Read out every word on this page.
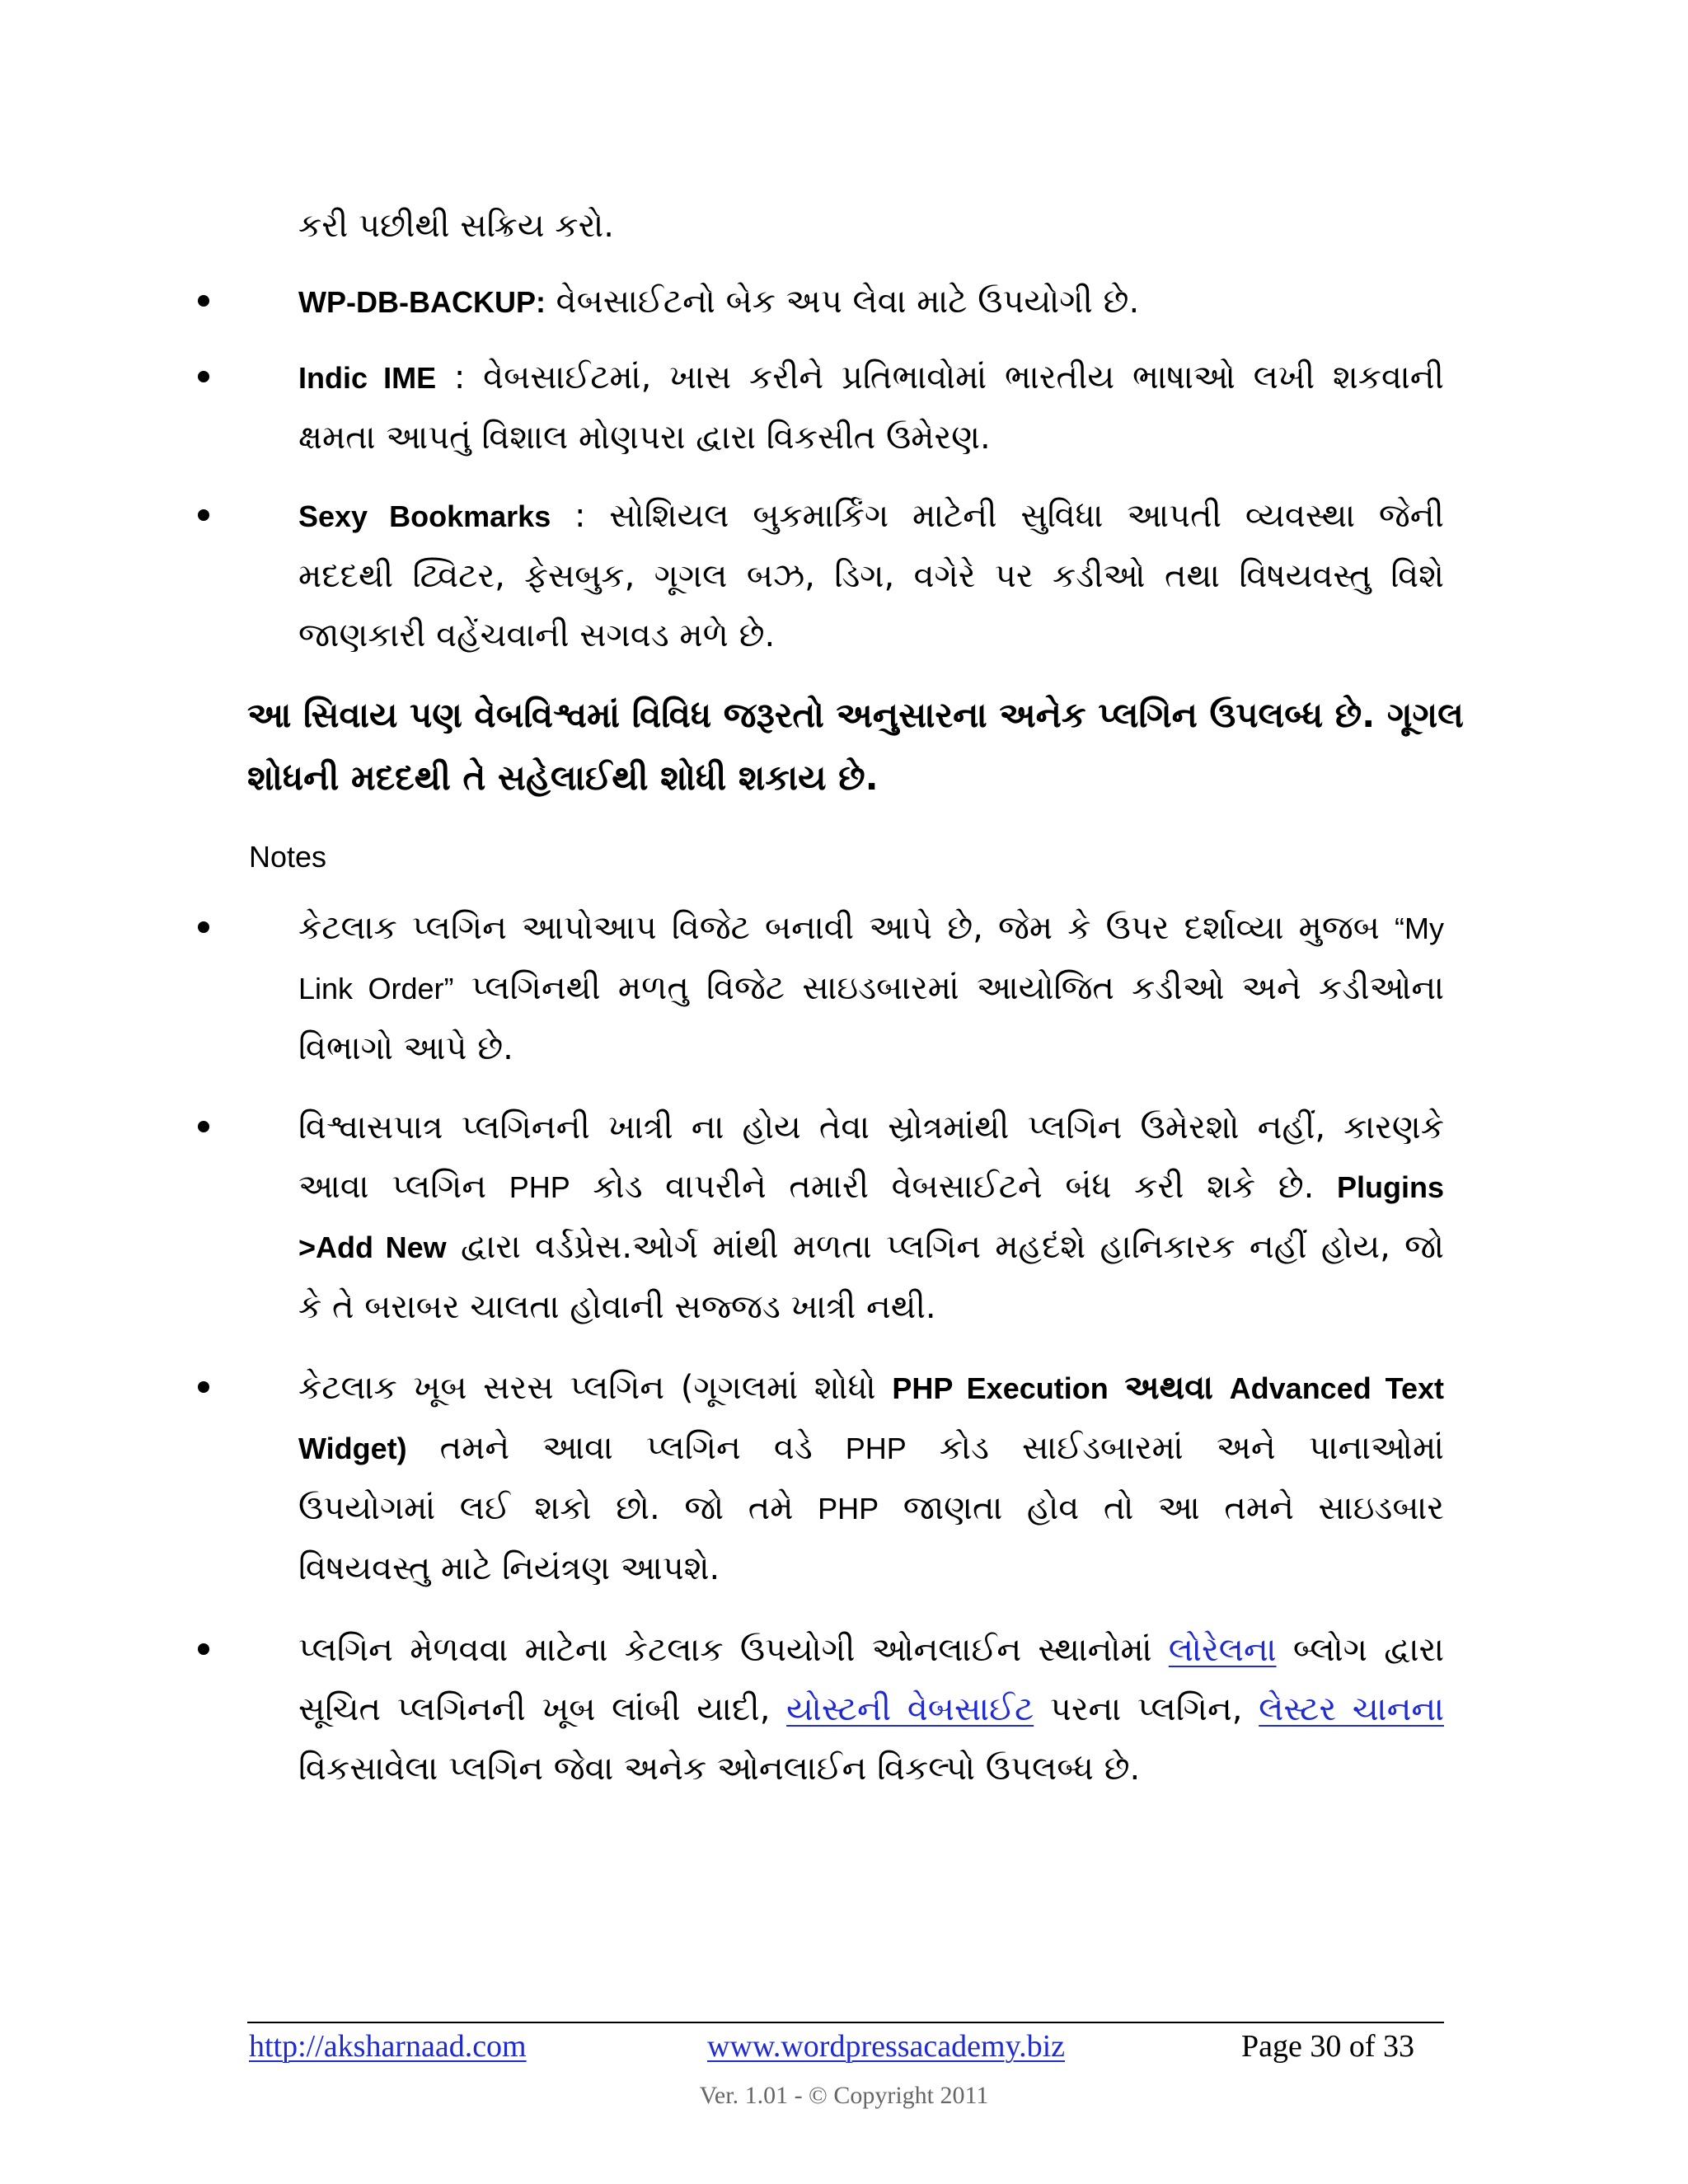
કરી પછીથી સક્રિય કરો.
WP-DB-BACKUP: વેબસાઈટનો બેક અપ લેવા માટે ઉપયોગી છે.
Indic IME : વેબસાઈટમાં, ખાસ કરીને પ્રતિભાવોમાં ભારતીય ભાષાઓ લખી શકવાની
ક્ષમતા આપતું વિશાલ મોણપરા દ્વારા વિકસીત ઉમેરણ.
Sexy Bookmarks : સોશિયલ બુકમાર્કિંગ માટેની સુવિધા આપતી વ્યવસ્થા જેની
મદદથી ટ્વિટર, ફેસબુક, ગૂગલ બઝ, ડિગ, વગેરે પર કડીઓ તથા વિષયવસ્તુ વિશે
જાણકારી વહેંચવાની સગવડ મળે છે.
આ સિવાય પણ વેબવિશ્વમાં વિવિધ જરૂરતો અનુસારના અનેક પ્લગિન ઉપલબ્ધ છે. ગૂગલ
શોધની મદદથી તે સહેલાઈથી શોધી શકાય છે.
Notes
કેટલાક પ્લગિન આપોઆપ વિજેટ બનાવી આપે છે, જેમ કે ઉપર દર્શાવ્યા મુજબ “My
Link Order” પ્લગિનથી મળતુ વિજેટ સાઇડબારમાં આયોજિત કડીઓ અને કડીઓના
વિભાગો આપે છે.
વિશ્વાસપાત્ર પ્લગિનની ખાત્રી ના હોય તેવા સ્રોત્રમાંથી પ્લગિન ઉમેરશો નહીં, કારણકે
આવા પ્લગિન PHP કોડ વાપરીને તમારી વેબસાઈટને બંધ કરી શકે છે. Plugins
>Add New દ્વારા વર્ડપ્રેસ.ઓર્ગ માંથી મળતા પ્લગિન મહદંશે હાનિકારક નહીં હોય, જો
કે તે બરાબર ચાલતા હોવાની સજ્જડ ખાત્રી નથી.
કેટલાક ખૂબ સરસ પ્લગિન (ગૂગલમાં શોધો PHP Execution અથવા Advanced Text
Widget) તમને આવા પ્લગિન વડે PHP કોડ સાઈડબારમાં અને પાનાઓમાં
ઉપયોગમાં લઈ શકો છો. જો તમે PHP જાણતા હોવ તો આ તમને સાઇડબાર
વિષયવસ્તુ માટે નિયંત્રણ આપશે.
પ્લગિન મેળવવા માટેના કેટલાક ઉપયોગી ઓનલાઈન સ્થાનોમાં લોરેલના બ્લોગ દ્વારા
સૂચિત પ્લગિનની ખૂબ લાંબી યાદી, યોસ્ટની વેબસાઈટ પરના પ્લગિન, લેસ્ટર ચાનના
વિકસાવેલા પ્લગિન જેવા અનેક ઓનલાઈન વિકલ્પો ઉપલબ્ધ છે.
http://aksharnaad.com	www.wordpressacademy.biz	Page 30 of 33
Ver. 1.01 - © Copyright 2011
